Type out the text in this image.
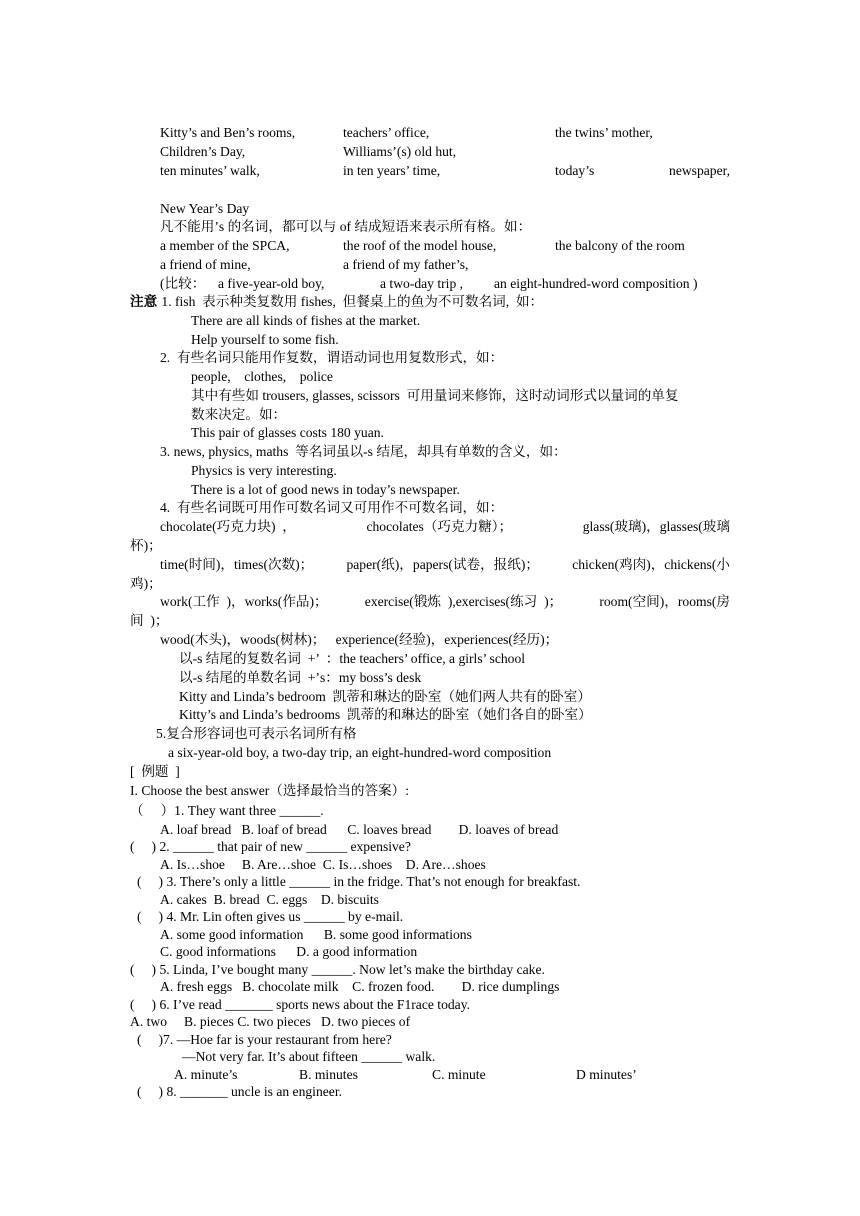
Kitty’s and Ben’s rooms,	teachers’ office,	the twins’ mother,
Children’s Day,	Williams’(s) old hut,
ten minutes’ walk,	in ten years’ time,	today’s	newspaper,
New Year’s Day
凡不能用’s 的名词，都可以与 of 结成短语来表示所有格。如：
a member of the SPCA,	the roof of the model house,	the balcony of the room
a friend of mine,	a friend of my father’s,
(比较： a five-year-old boy,	a two-day trip , an eight-hundred-word composition )
注意 1. fish  表示种类复数用 fishes,  但餐桌上的鱼为不可数名词,  如：
There are all kinds of fishes at the market.
Help yourself to some fish.
2.  有些名词只能用作复数，谓语动词也用复数形式，如：
people,    clothes,    police
其中有些如 trousers, glasses, scissors  可用量词来修饰，这时动词形式以量词的单复
数来决定。如：
This pair of glasses costs 180 yuan.
3. news, physics, maths  等名词虽以-s 结尾，却具有单数的含义，如：
Physics is very interesting.
There is a lot of good news in today’s newspaper.
4.  有些名词既可用作可数名词又可用作不可数名词，如：
chocolate(巧克力块)  ，	chocolates（巧克力糖）；	glass(玻璃)，glasses(玻璃
杯)；
time(时间)，times(次数)； paper(纸)，papers(试卷，报纸)； chicken(鸡肉)，chickens(小
鸡)；
work(工作  )，works(作品)；	exercise(锻炼  ),exercises(练习  )；	room(空间)，rooms(房
间  )；
wood(木头)，woods(树林)；   experience(经验)，experiences(经历)；
以-s 结尾的复数名词  +’  ：the teachers’ office, a girls’ school
以-s 结尾的单数名词  +’s：my boss’s desk
Kitty and Linda’s bedroom  凯蒂和琳达的卧室（她们两人共有的卧室）
Kitty’s and Linda’s bedrooms  凯蒂的和琳达的卧室（她们各自的卧室）
5.复合形容词也可表示名词所有格
a six-year-old boy, a two-day trip, an eight-hundred-word composition
[  例题  ]
I. Choose the best answer（选择最恰当的答案）:
（     ）1. They want three ______.
A. loaf bread   B. loaf of bread      C. loaves bread        D. loaves of bread
(     ) 2. ______ that pair of new ______ expensive?
A. Is…shoe     B. Are…shoe  C. Is…shoes    D. Are…shoes
(     ) 3. There’s only a little ______ in the fridge. That’s not enough for breakfast.
A. cakes  B. bread  C. eggs    D. biscuits
(     ) 4. Mr. Lin often gives us ______ by e-mail.
A. some good information      B. some good informations
C. good informations      D. a good information
(     ) 5. Linda, I’ve bought many ______. Now let’s make the birthday cake.
A. fresh eggs   B. chocolate milk    C. frozen food.        D. rice dumplings
(     ) 6. I’ve read _______ sports news about the F1race today.
A. two     B. pieces C. two pieces   D. two pieces of
(     )7. —Hoe far is your restaurant from here?
—Not very far. It’s about fifteen ______ walk.
A. minute’s	B. minutes	C. minute	D minutes’
(     ) 8. _______ uncle is an engineer.
